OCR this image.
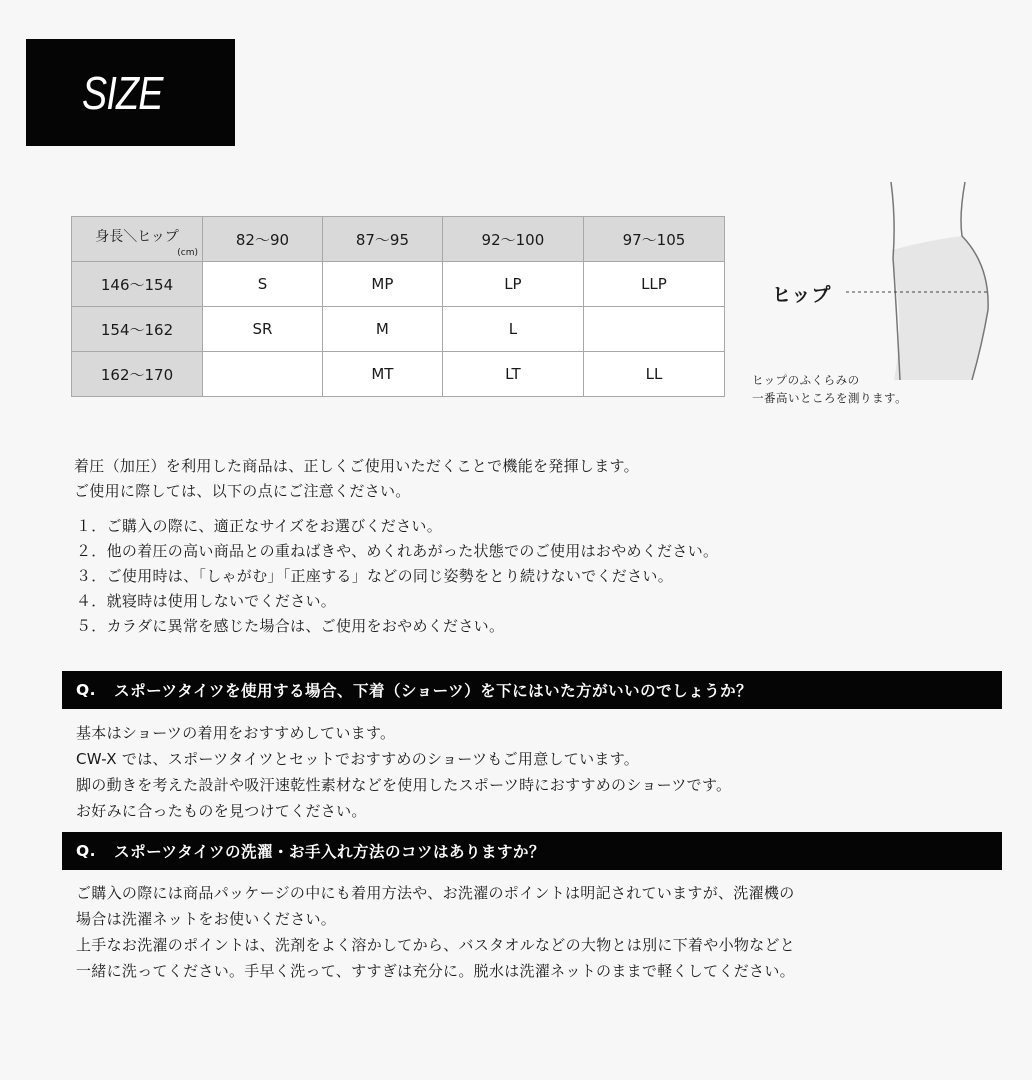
SIZE
身長＼ヒップ
(cm)	82〜90	87〜95	92〜100	97〜105
146〜154	S	MP	LP	LLP
154〜162	SR	M	L	
162〜170		MT	LT	LL
ヒップ
ヒップのふくらみの
一番高いところを測ります。

着圧（加圧）を利用した商品は、正しくご使用いただくことで機能を発揮します。

ご使用に際しては、以下の点にご注意ください。

１．ご購入の際に、適正なサイズをお選びください。

２．他の着圧の高い商品との重ねばきや、めくれあがった状態でのご使用はおやめください。

３．ご使用時は、「しゃがむ」「正座する」などの同じ姿勢をとり続けないでください。

４．就寝時は使用しないでください。

５．カラダに異常を感じた場合は、ご使用をおやめください。

Q. スポーツタイツを使用する場合、下着（ショーツ）を下にはいた方がいいのでしょうか？

基本はショーツの着用をおすすめしています。

CW-X では、スポーツタイツとセットでおすすめのショーツもご用意しています。

脚の動きを考えた設計や吸汗速乾性素材などを使用したスポーツ時におすすめのショーツです。

お好みに合ったものを見つけてください。

Q. スポーツタイツの洗濯・お手入れ方法のコツはありますか？

ご購入の際には商品パッケージの中にも着用方法や、お洗濯のポイントは明記されていますが、洗濯機の

場合は洗濯ネットをお使いください。

上手なお洗濯のポイントは、洗剤をよく溶かしてから、バスタオルなどの大物とは別に下着や小物などと

一緒に洗ってください。手早く洗って、すすぎは充分に。脱水は洗濯ネットのままで軽くしてください。
